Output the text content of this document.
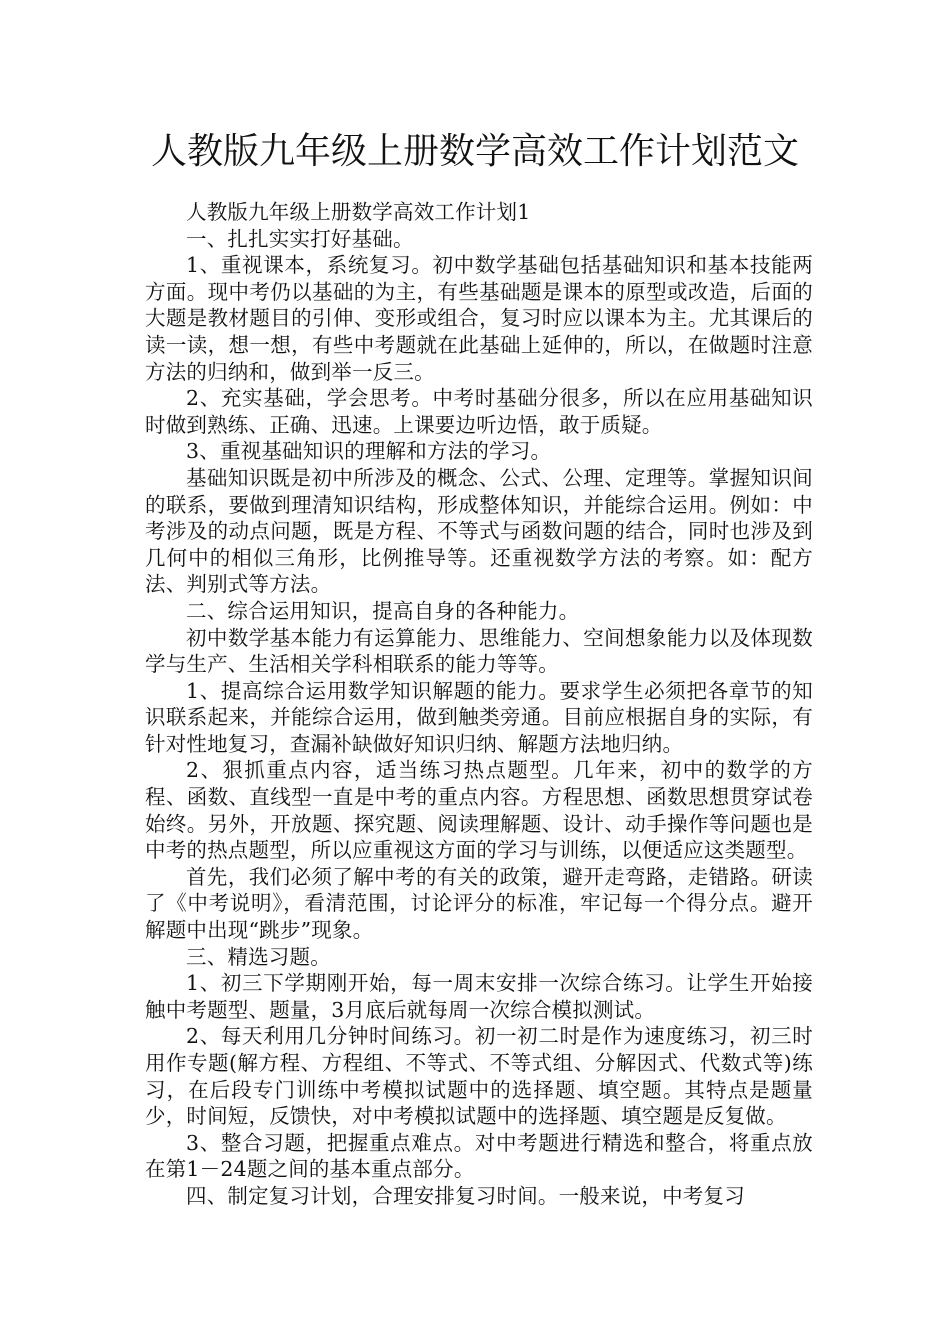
人教版九年级上册数学高效工作计划范文

人教版九年级上册数学高效工作计划1

一、扎扎实实打好基础。

1、重视课本，系统复习。初中数学基础包括基础知识和基本技能两方面。现中考仍以基础的为主，有些基础题是课本的原型或改造，后面的大题是教材题目的引伸、变形或组合，复习时应以课本为主。尤其课后的读一读，想一想，有些中考题就在此基础上延伸的，所以，在做题时注意方法的归纳和，做到举一反三。

2、充实基础，学会思考。中考时基础分很多，所以在应用基础知识时做到熟练、正确、迅速。上课要边听边悟，敢于质疑。

3、重视基础知识的理解和方法的学习。

基础知识既是初中所涉及的概念、公式、公理、定理等。掌握知识间的联系，要做到理清知识结构，形成整体知识，并能综合运用。例如：中考涉及的动点问题，既是方程、不等式与函数问题的结合，同时也涉及到几何中的相似三角形，比例推导等。还重视数学方法的考察。如：配方法、判别式等方法。

二、综合运用知识，提高自身的各种能力。

初中数学基本能力有运算能力、思维能力、空间想象能力以及体现数学与生产、生活相关学科相联系的能力等等。

1、提高综合运用数学知识解题的能力。要求学生必须把各章节的知识联系起来，并能综合运用，做到触类旁通。目前应根据自身的实际，有针对性地复习，查漏补缺做好知识归纳、解题方法地归纳。

2、狠抓重点内容，适当练习热点题型。几年来，初中的数学的方程、函数、直线型一直是中考的重点内容。方程思想、函数思想贯穿试卷始终。另外，开放题、探究题、阅读理解题、设计、动手操作等问题也是中考的热点题型，所以应重视这方面的学习与训练，以便适应这类题型。

首先，我们必须了解中考的有关的政策，避开走弯路，走错路。研读了《中考说明》，看清范围，讨论评分的标准，牢记每一个得分点。避开解题中出现“跳步”现象。

三、精选习题。

1、初三下学期刚开始，每一周末安排一次综合练习。让学生开始接触中考题型、题量，3月底后就每周一次综合模拟测试。

2、每天利用几分钟时间练习。初一初二时是作为速度练习，初三时用作专题(解方程、方程组、不等式、不等式组、分解因式、代数式等)练习，在后段专门训练中考模拟试题中的选择题、填空题。其特点是题量少，时间短，反馈快，对中考模拟试题中的选择题、填空题是反复做。

3、整合习题，把握重点难点。对中考题进行精选和整合，将重点放在第1－24题之间的基本重点部分。

四、制定复习计划，合理安排复习时间。一般来说，中考复习
